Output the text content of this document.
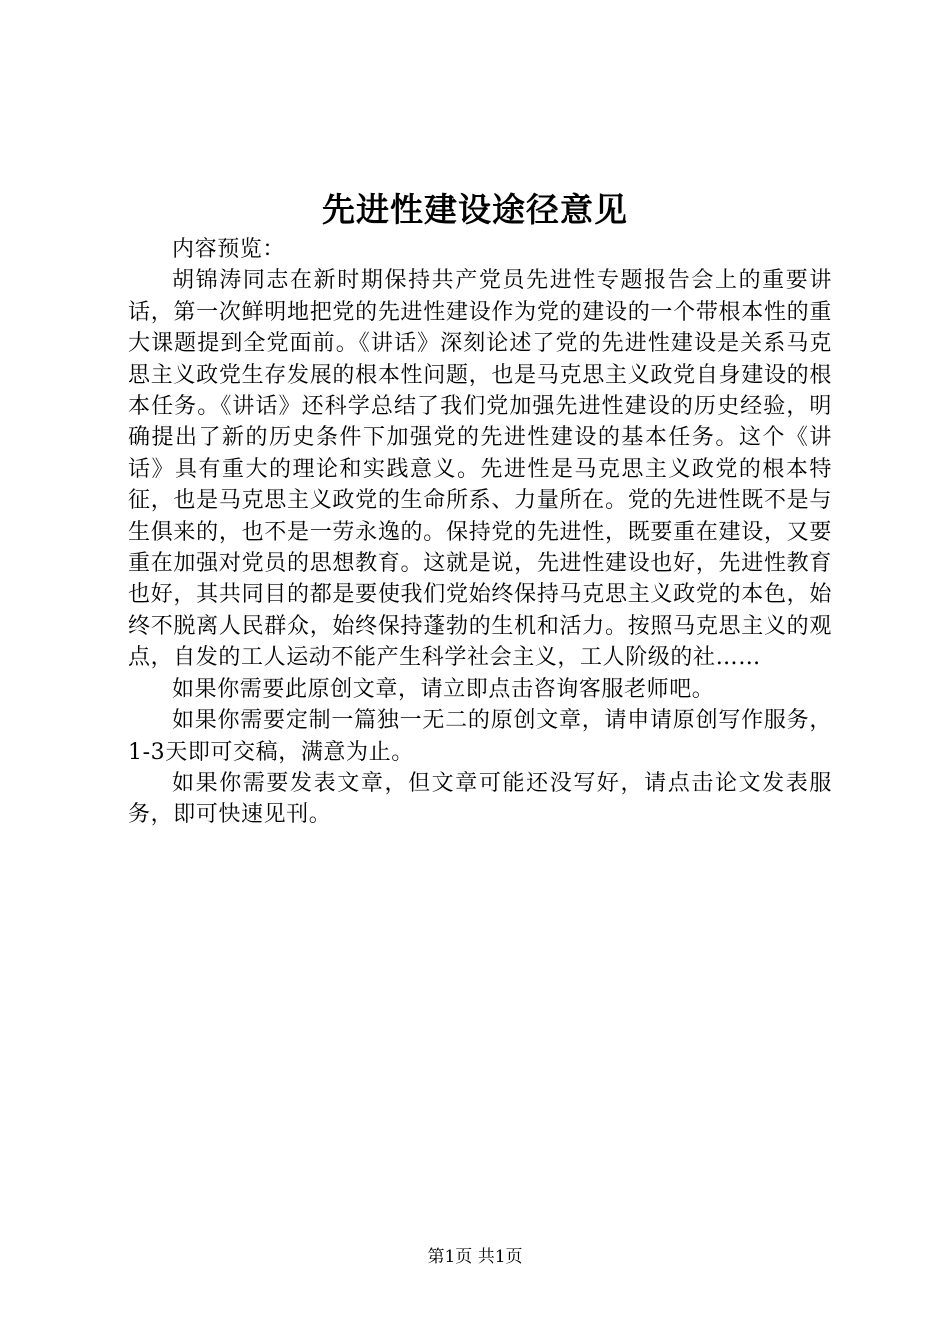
先进性建设途径意见

内容预览：

胡锦涛同志在新时期保持共产党员先进性专题报告会上的重要讲话，第一次鲜明地把党的先进性建设作为党的建设的一个带根本性的重大课题提到全党面前。《讲话》深刻论述了党的先进性建设是关系马克思主义政党生存发展的根本性问题，也是马克思主义政党自身建设的根本任务。《讲话》还科学总结了我们党加强先进性建设的历史经验，明确提出了新的历史条件下加强党的先进性建设的基本任务。这个《讲话》具有重大的理论和实践意义。先进性是马克思主义政党的根本特征，也是马克思主义政党的生命所系、力量所在。党的先进性既不是与生俱来的，也不是一劳永逸的。保持党的先进性，既要重在建设，又要重在加强对党员的思想教育。这就是说，先进性建设也好，先进性教育也好，其共同目的都是要使我们党始终保持马克思主义政党的本色，始终不脱离人民群众，始终保持蓬勃的生机和活力。按照马克思主义的观点，自发的工人运动不能产生科学社会主义，工人阶级的社……

如果你需要此原创文章，请立即点击咨询客服老师吧。

如果你需要定制一篇独一无二的原创文章，请申请原创写作服务，1-3天即可交稿，满意为止。

如果你需要发表文章，但文章可能还没写好，请点击论文发表服务，即可快速见刊。

第1页 共1页
